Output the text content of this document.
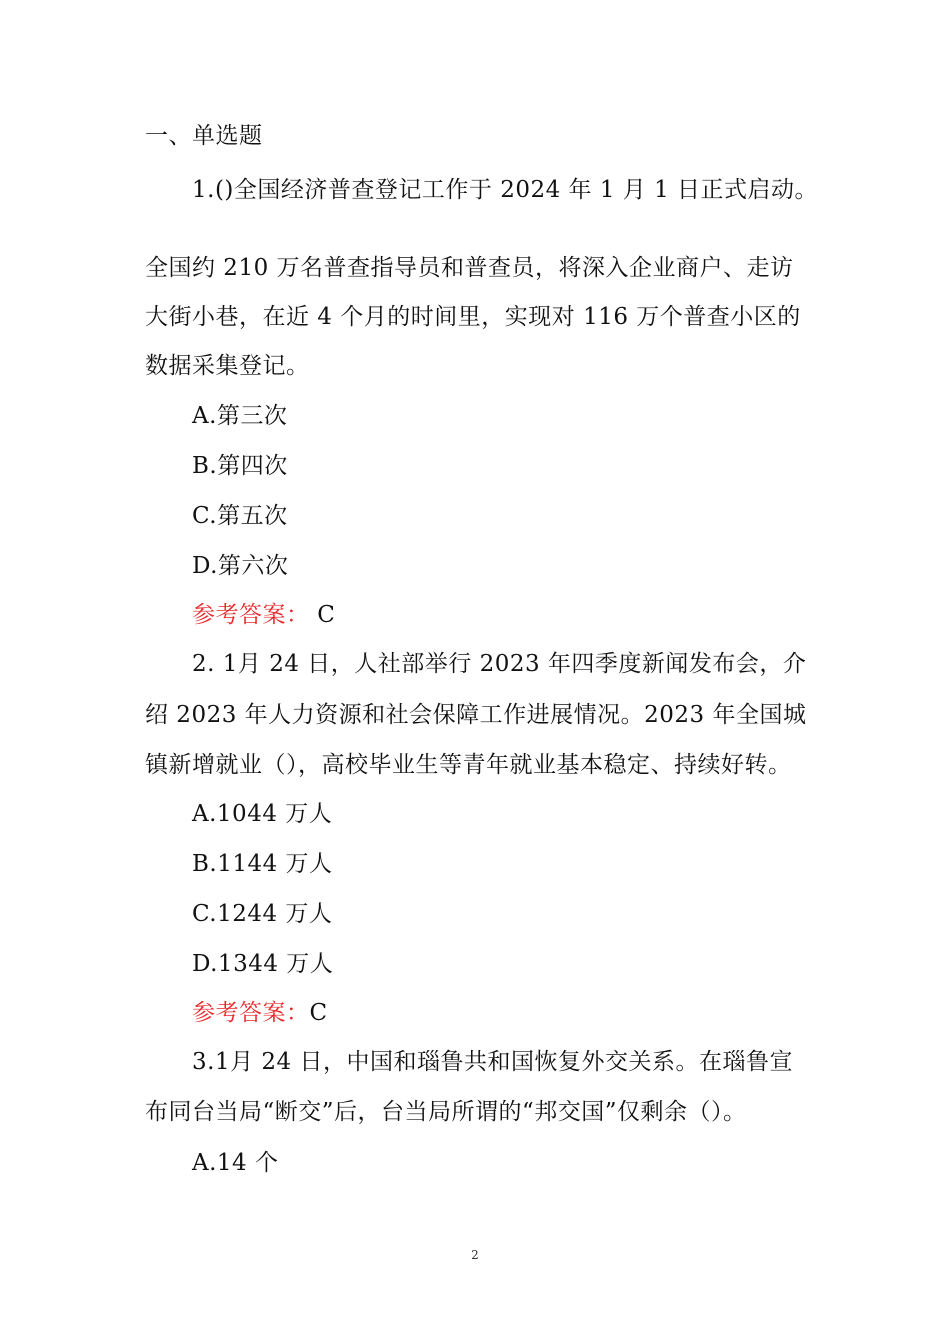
一、单选题
1.()全国经济普查登记工作于 2024 年 1 月 1 日正式启动。
全国约 210 万名普查指导员和普查员，将深入企业商户、走访
大街小巷，在近 4 个月的时间里，实现对 116 万个普查小区的
数据采集登记。
A.第三次
B.第四次
C.第五次
D.第六次
参考答案： C
2. 1月 24 日，人社部举行 2023 年四季度新闻发布会，介
绍 2023 年人力资源和社会保障工作进展情况。2023 年全国城
镇新增就业（），高校毕业生等青年就业基本稳定、持续好转。
A.1044 万人
B.1144 万人
C.1244 万人
D.1344 万人
参考答案：C
3.1月 24 日，中国和瑙鲁共和国恢复外交关系。在瑙鲁宣
布同台当局“断交”后，台当局所谓的“邦交国”仅剩余（）。
A.14 个
2
